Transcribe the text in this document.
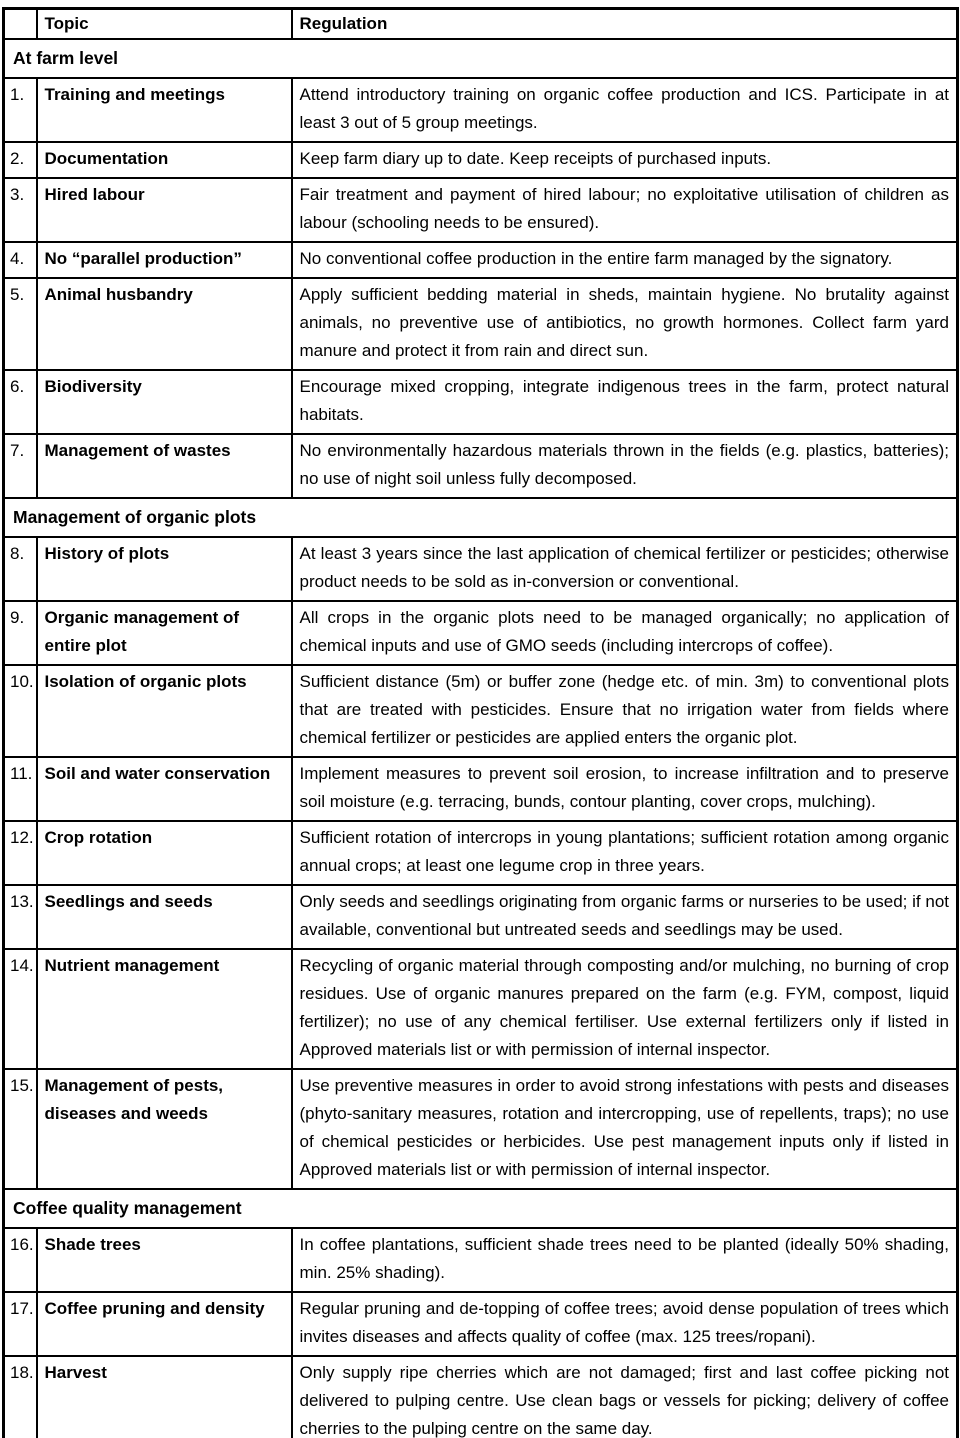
	Topic	Regulation
At farm level		
1.	Training and meetings	Attend introductory training on organic coffee production and ICS. Participate in at least 3 out of 5 group meetings.
2.	Documentation	Keep farm diary up to date. Keep receipts of purchased inputs.
3.	Hired labour	Fair treatment and payment of hired labour; no exploitative utilisation of children as labour (schooling needs to be ensured).
4.	No “parallel production”	No conventional coffee production in the entire farm managed by the signatory.
5.	Animal husbandry	Apply sufficient bedding material in sheds, maintain hygiene. No brutality against animals, no preventive use of antibiotics, no growth hormones. Collect farm yard manure and protect it from rain and direct sun.
6.	Biodiversity	Encourage mixed cropping, integrate indigenous trees in the farm, protect natural habitats.
7.	Management of wastes	No environmentally hazardous materials thrown in the fields (e.g. plastics, batteries); no use of night soil unless fully decomposed.
Management of organic plots		
8.	History of plots	At least 3 years since the last application of chemical fertilizer or pesticides; otherwise product needs to be sold as in-conversion or conventional.
9.	Organic management of entire plot	All crops in the organic plots need to be managed organically; no application of chemical inputs and use of GMO seeds (including intercrops of coffee).
10.	Isolation of organic plots	Sufficient distance (5m) or buffer zone (hedge etc. of min. 3m) to conventional plots that are treated with pesticides. Ensure that no irrigation water from fields where chemical fertilizer or pesticides are applied enters the organic plot.
11.	Soil and water conservation	Implement measures to prevent soil erosion, to increase infiltration and to preserve soil moisture (e.g. terracing, bunds, contour planting, cover crops, mulching).
12.	Crop rotation	Sufficient rotation of intercrops in young plantations; sufficient rotation among organic annual crops; at least one legume crop in three years.
13.	Seedlings and seeds	Only seeds and seedlings originating from organic farms or nurseries to be used; if not available, conventional but untreated seeds and seedlings may be used.
14.	Nutrient management	Recycling of organic material through composting and/or mulching, no burning of crop residues. Use of organic manures prepared on the farm (e.g. FYM, compost, liquid fertilizer); no use of any chemical fertiliser. Use external fertilizers only if listed in Approved materials list or with permission of internal inspector.
15.	Management of pests, diseases and weeds	Use preventive measures in order to avoid strong infestations with pests and diseases (phyto-sanitary measures, rotation and intercropping, use of repellents, traps); no use of chemical pesticides or herbicides. Use pest management inputs only if listed in Approved materials list or with permission of internal inspector.
Coffee quality management		
16.	Shade trees	In coffee plantations, sufficient shade trees need to be planted (ideally 50% shading, min. 25% shading).
17.	Coffee pruning and density	Regular pruning and de-topping of coffee trees; avoid dense population of trees which invites diseases and affects quality of coffee (max. 125 trees/ropani).
18.	Harvest	Only supply ripe cherries which are not damaged; first and last coffee picking not delivered to pulping centre. Use clean bags or vessels for picking; delivery of coffee cherries to the pulping centre on the same day.
